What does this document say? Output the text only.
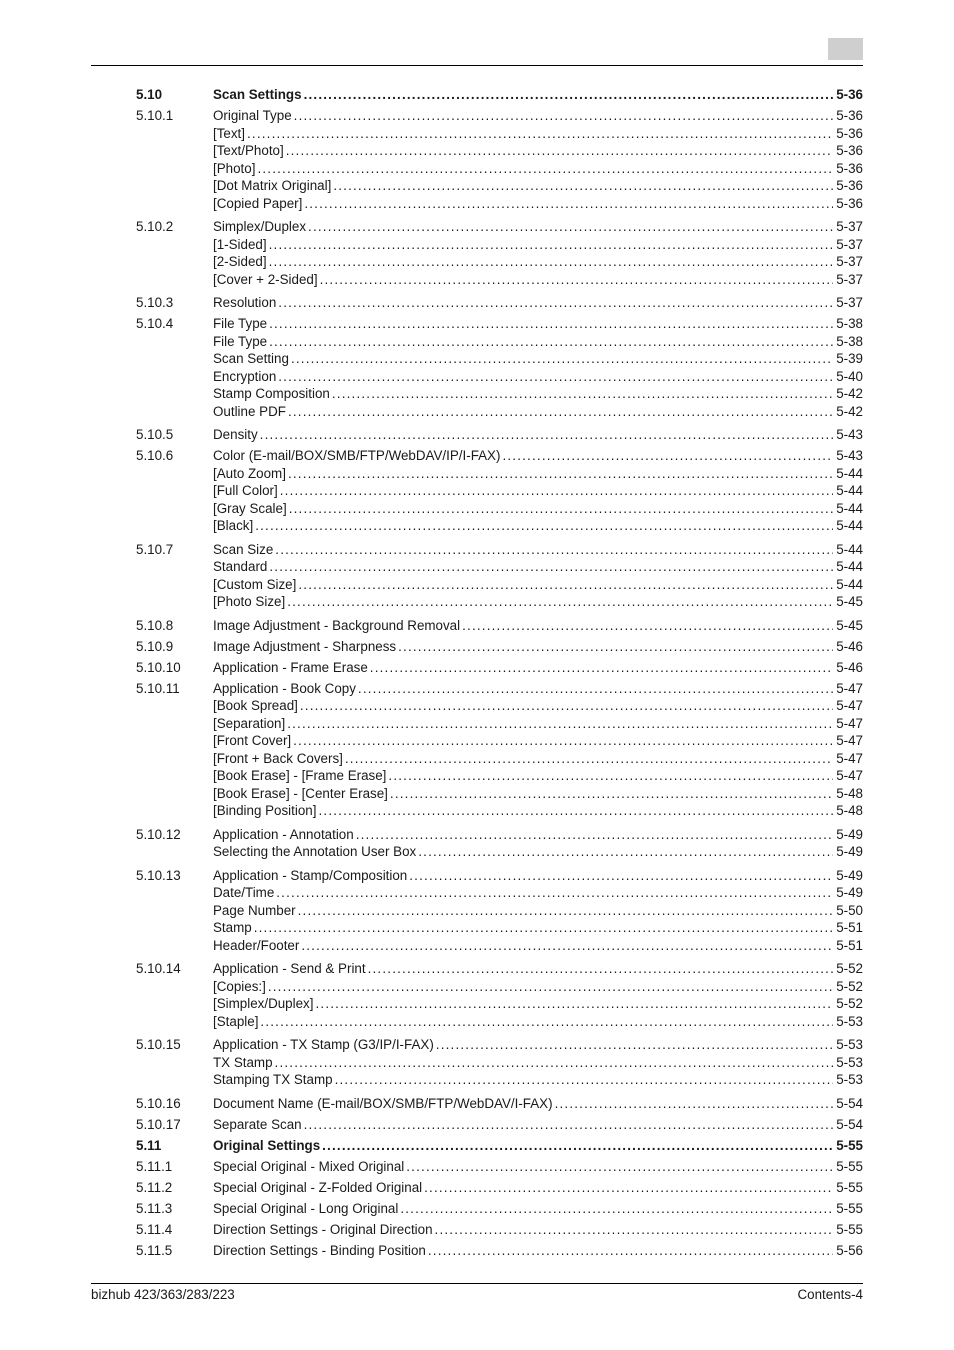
5.10	Scan Settings .....	5-36
5.10.1	Original Type .....	5-36
[Text] .....	5-36
[Text/Photo] .....	5-36
[Photo] .....	5-36
[Dot Matrix Original] .....	5-36
[Copied Paper] .....	5-36
5.10.2	Simplex/Duplex .....	5-37
[1-Sided] .....	5-37
[2-Sided] .....	5-37
[Cover + 2-Sided] .....	5-37
5.10.3	Resolution .....	5-37
5.10.4	File Type .....	5-38
File Type .....	5-38
Scan Setting .....	5-39
Encryption .....	5-40
Stamp Composition .....	5-42
Outline PDF .....	5-42
5.10.5	Density .....	5-43
5.10.6	Color (E-mail/BOX/SMB/FTP/WebDAV/IP/I-FAX) .....	5-43
[Auto Zoom] .....	5-44
[Full Color] .....	5-44
[Gray Scale] .....	5-44
[Black] .....	5-44
5.10.7	Scan Size .....	5-44
Standard .....	5-44
[Custom Size] .....	5-44
[Photo Size] .....	5-45
5.10.8	Image Adjustment - Background Removal .....	5-45
5.10.9	Image Adjustment - Sharpness .....	5-46
5.10.10 Application - Frame Erase .....	5-46
5.10.11 Application - Book Copy .....	5-47
[Book Spread] .....	5-47
[Separation] .....	5-47
[Front Cover] .....	5-47
[Front + Back Covers] .....	5-47
[Book Erase] - [Frame Erase] .....	5-47
[Book Erase] - [Center Erase] .....	5-48
[Binding Position] .....	5-48
5.10.12 Application - Annotation .....	5-49
Selecting the Annotation User Box .....	5-49
5.10.13 Application - Stamp/Composition .....	5-49
Date/Time .....	5-49
Page Number .....	5-50
Stamp .....	5-51
Header/Footer .....	5-51
5.10.14 Application - Send & Print .....	5-52
[Copies:] .....	5-52
[Simplex/Duplex] .....	5-52
[Staple] .....	5-53
5.10.15 Application - TX Stamp (G3/IP/I-FAX) .....	5-53
TX Stamp .....	5-53
Stamping TX Stamp .....	5-53
5.10.16 Document Name (E-mail/BOX/SMB/FTP/WebDAV/I-FAX) .....	5-54
5.10.17 Separate Scan .....	5-54
5.11	Original Settings .....	5-55
5.11.1	Special Original - Mixed Original .....	5-55
5.11.2	Special Original - Z-Folded Original .....	5-55
5.11.3	Special Original - Long Original .....	5-55
5.11.4	Direction Settings - Original Direction .....	5-55
5.11.5	Direction Settings - Binding Position .....	5-56
bizhub 423/363/283/223	Contents-4
